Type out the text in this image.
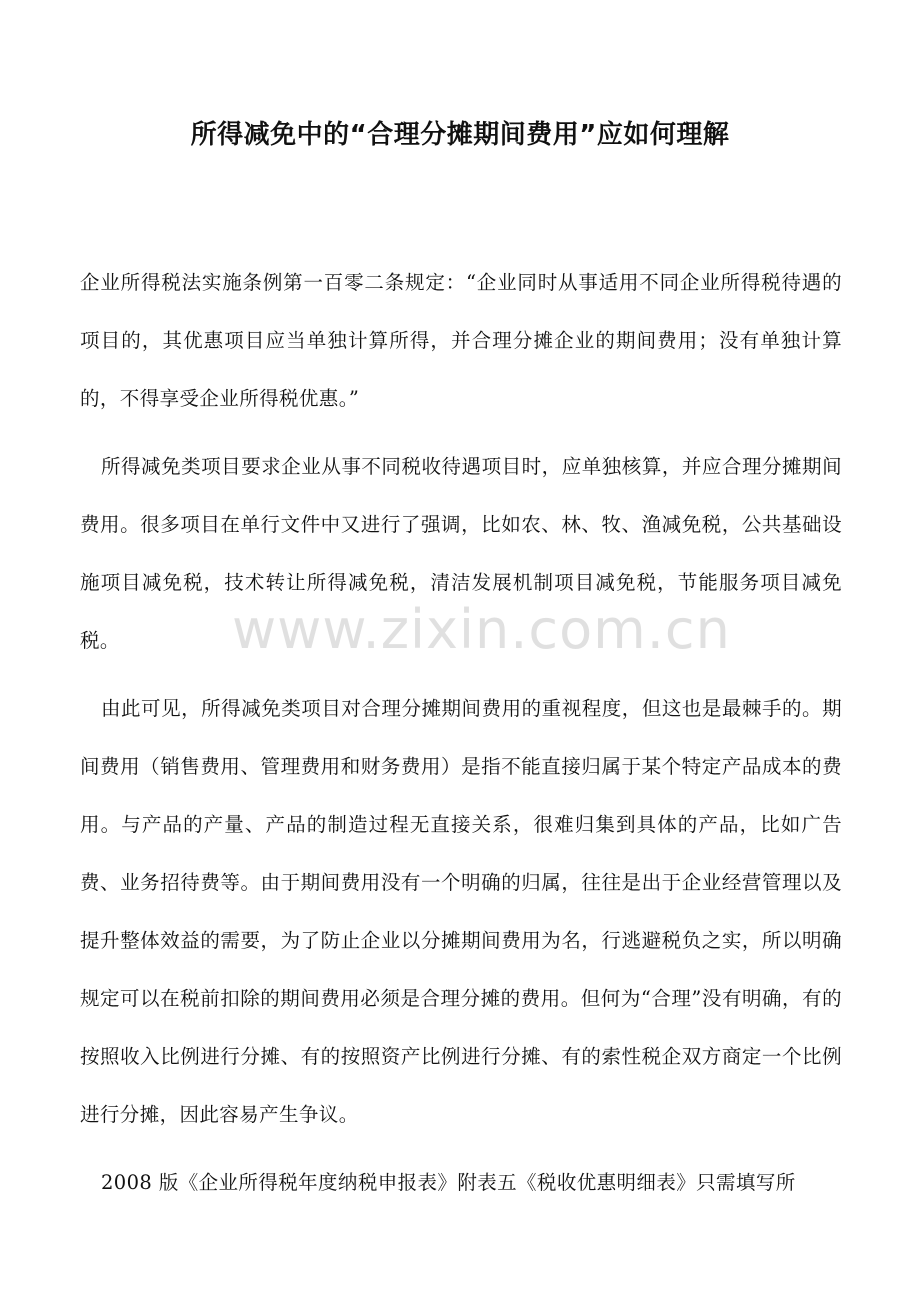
所得减免中的“合理分摊期间费用”应如何理解

企业所得税法实施条例第一百零二条规定：“企业同时从事适用不同企业所得税待遇的项目的，其优惠项目应当单独计算所得，并合理分摊企业的期间费用；没有单独计算的，不得享受企业所得税优惠。”

所得减免类项目要求企业从事不同税收待遇项目时，应单独核算，并应合理分摊期间费用。很多项目在单行文件中又进行了强调，比如农、林、牧、渔减免税，公共基础设施项目减免税，技术转让所得减免税，清洁发展机制项目减免税，节能服务项目减免税。

由此可见，所得减免类项目对合理分摊期间费用的重视程度，但这也是最棘手的。期间费用（销售费用、管理费用和财务费用）是指不能直接归属于某个特定产品成本的费用。与产品的产量、产品的制造过程无直接关系，很难归集到具体的产品，比如广告费、业务招待费等。由于期间费用没有一个明确的归属，往往是出于企业经营管理以及提升整体效益的需要，为了防止企业以分摊期间费用为名，行逃避税负之实，所以明确规定可以在税前扣除的期间费用必须是合理分摊的费用。但何为“合理”没有明确，有的按照收入比例进行分摊、有的按照资产比例进行分摊、有的索性税企双方商定一个比例进行分摊，因此容易产生争议。

2008 版《企业所得税年度纳税申报表》附表五《税收优惠明细表》只需填写所

www.zixin.com.cn
